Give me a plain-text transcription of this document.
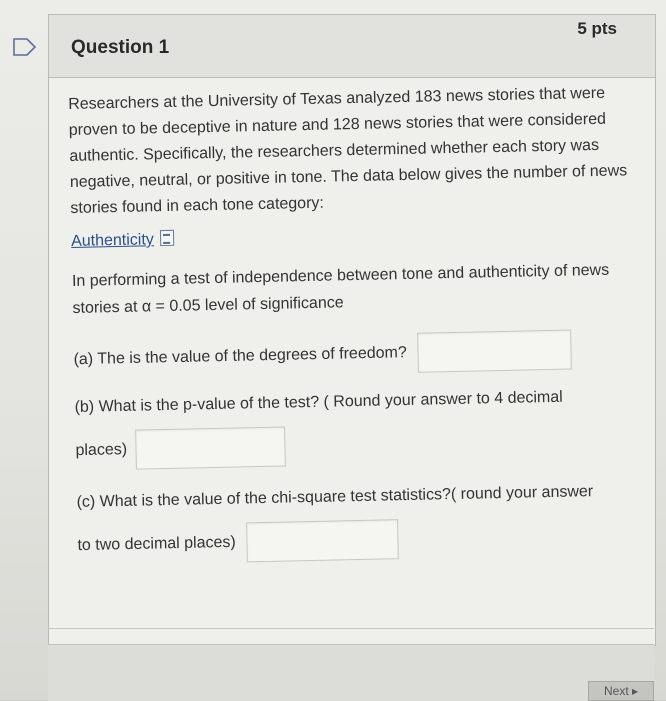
Question 1
5 pts

Researchers at the University of Texas analyzed 183 news stories that were proven to be deceptive in nature and 128 news stories that were considered authentic. Specifically, the researchers determined whether each story was negative, neutral, or positive in tone. The data below gives the number of news stories found in each tone category:

Authenticity

In performing a test of independence between tone and authenticity of news stories at α = 0.05 level of significance

(a) The is the value of the degrees of freedom?
(b) What is the p-value of the test? ( Round your answer to 4 decimal
places)
(c) What is the value of the chi-square test statistics?( round your answer
to two decimal places)
Next ▸
